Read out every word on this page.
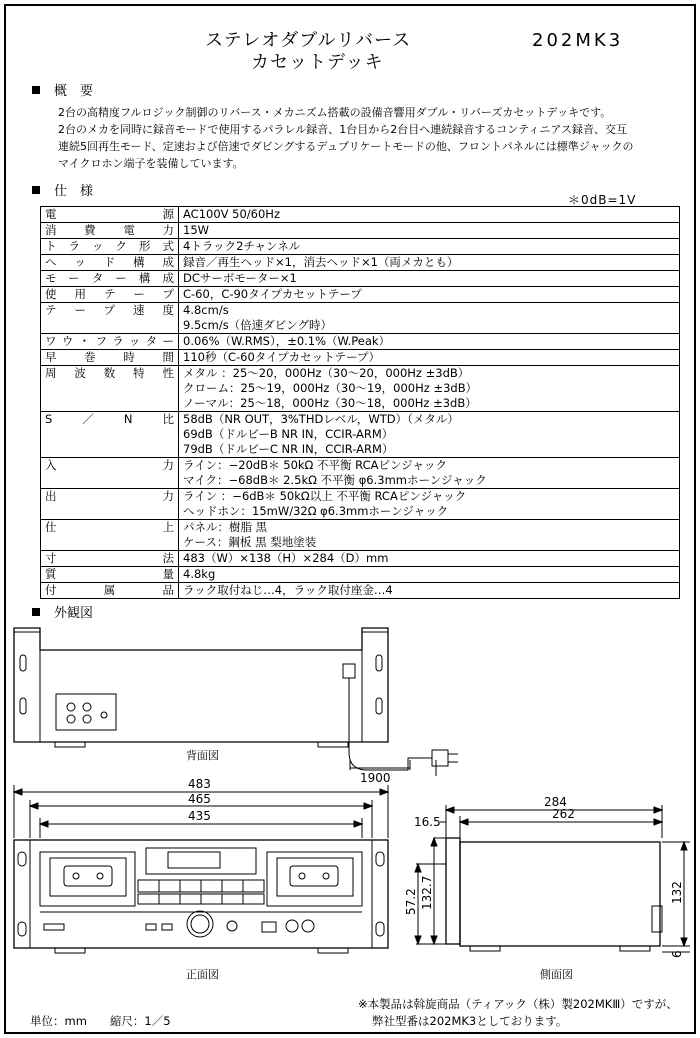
ステレオダブルリバース
カセットデッキ
202MK3
概　要
2台の高精度フルロジック制御のリバース・メカニズム搭載の設備音響用ダブル・リバーズカセットデッキです。
2台のメカを同時に録音モードで使用するパラレル録音、1台目から2台目へ連続録音するコンティニアス録音、交互
連続5回再生モード、定速および倍速でダビングするデュプリケートモードの他、フロントパネルには標準ジャックの
マイクロホン端子を装備しています。
仕　様
＊0dB=1V
電源	AC100V 50/60Hz

消費電力	15W

トラック形式	4トラック2チャンネル

ヘッド構成	録音／再生ヘッド×1，消去ヘッド×1（両メカとも）

モーター構成	DCサーボモーター×1

使用テープ	C-60，C-90タイプカセットテープ

テープ速度	4.8cm/s
9.5cm/s（倍速ダビング時）

ワウ・フラッター	0.06%（W.RMS），±0.1%（W.Peak）

早巻時間	110秒（C-60タイプカセットテープ）

周波数特性	メタル ：25〜20，000Hz（30〜20，000Hz ±3dB）
クローム：25〜19，000Hz（30〜19，000Hz ±3dB）
ノーマル：25〜18，000Hz（30〜18，000Hz ±3dB）

S／N比	58dB（NR OUT，3%THDレベル，WTD）（メタル）
69dB（ドルビーB NR IN，CCIR-ARM）
79dB（ドルビーC NR IN，CCIR-ARM）

入力	ライン：−20dB＊ 50kΩ 不平衡 RCAピンジャック
マイク：−68dB＊ 2.5kΩ 不平衡 φ6.3mmホーンジャック

出力	ライン ：−6dB＊ 50kΩ以上 不平衡 RCAピンジャック
ヘッドホン：15mW/32Ω φ6.3mmホーンジャック

仕上	パネル：樹脂 黒
ケース：鋼板 黒 梨地塗装

寸法	483（W）×138（H）×284（D）mm

質量	4.8kg

付属品	ラック取付ねじ…4，ラック取付座金…4
外観図
1900
483
465
435
284
262
16.5
57.2 132.7	132
6
背面図
正面図	側面図
単位：mm　　縮尺：1／5
※本製品は斡旋商品（ティアック（株）製202MKⅢ）ですが、
弊社型番は202MK3としております。
